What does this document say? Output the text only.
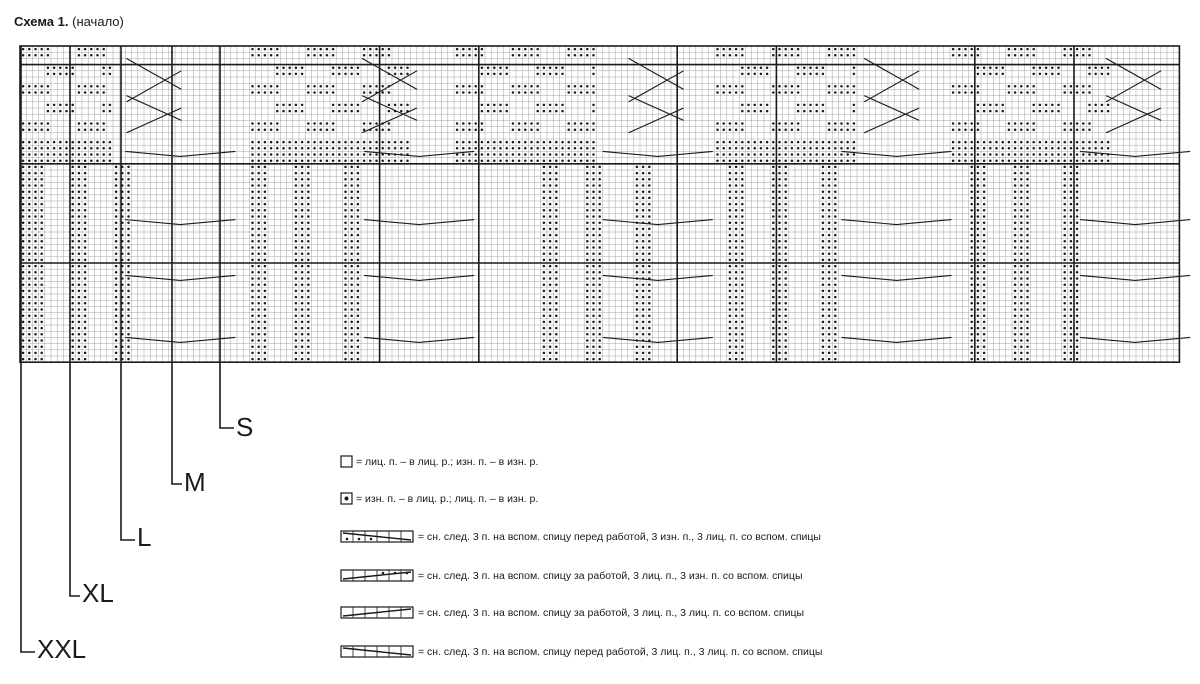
Схема 1. (начало)
S
M
L
XL
XXL
= лиц. п. – в лиц. р.; изн. п. – в изн. р.
= изн. п. – в лиц. р.; лиц. п. – в изн. р.
= сн. след. 3 п. на вспом. спицу перед работой, 3 изн. п., 3 лиц. п. со вспом. спицы
= сн. след. 3 п. на вспом. спицу за работой, 3 лиц. п., 3 изн. п. со вспом. спицы
= сн. след. 3 п. на вспом. спицу за работой, 3 лиц. п., 3 лиц. п. со вспом. спицы
= сн. след. 3 п. на вспом. спицу перед работой, 3 лиц. п., 3 лиц. п. со вспом. спицы
